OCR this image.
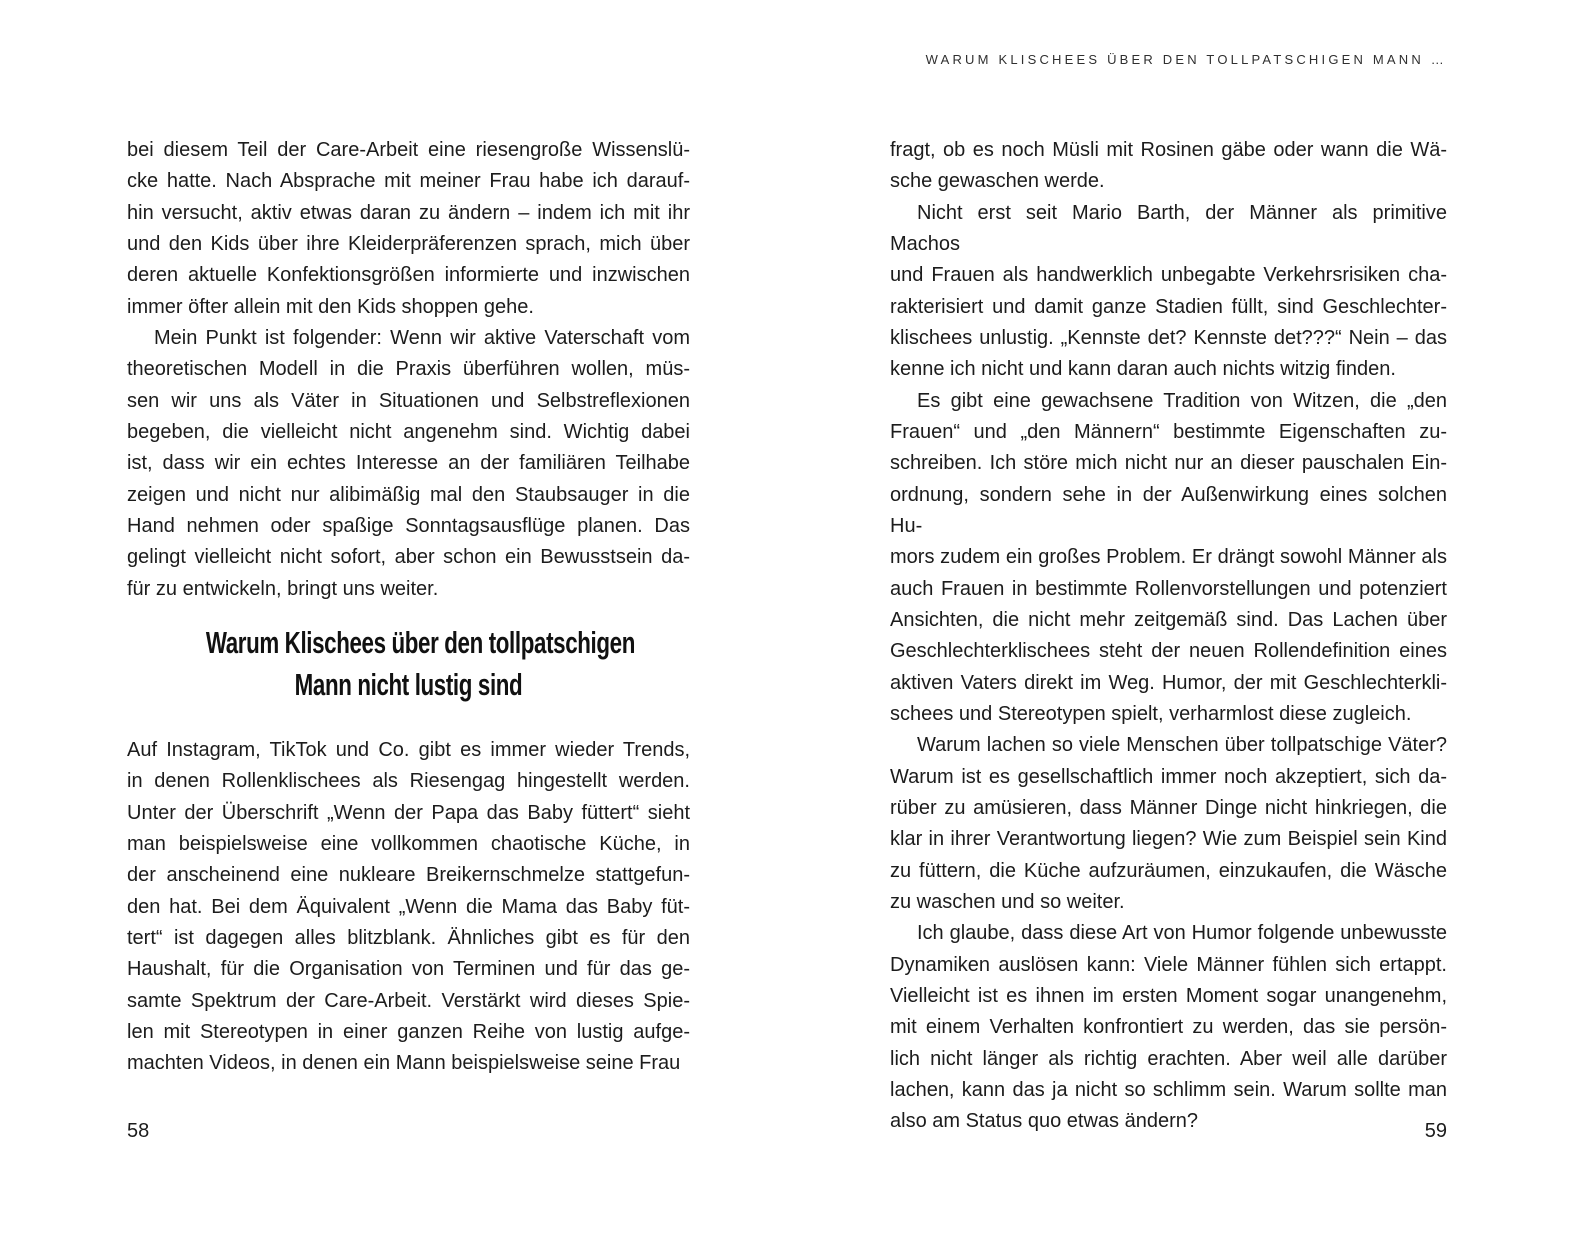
WARUM KLISCHEES ÜBER DEN TOLLPATSCHIGEN MANN …
bei diesem Teil der Care-Arbeit eine riesengroße Wissenslü-
cke hatte. Nach Absprache mit meiner Frau habe ich darauf-
hin versucht, aktiv etwas daran zu ändern – indem ich mit ihr
und den Kids über ihre Kleiderpräferenzen sprach, mich über
deren aktuelle Konfektionsgrößen informierte und inzwischen
immer öfter allein mit den Kids shoppen gehe.
Mein Punkt ist folgender: Wenn wir aktive Vaterschaft vom
theoretischen Modell in die Praxis überführen wollen, müs-
sen wir uns als Väter in Situationen und Selbstreflexionen
begeben, die vielleicht nicht angenehm sind. Wichtig dabei
ist, dass wir ein echtes Interesse an der familiären Teilhabe
zeigen und nicht nur alibimäßig mal den Staubsauger in die
Hand nehmen oder spaßige Sonntagsausflüge planen. Das
gelingt vielleicht nicht sofort, aber schon ein Bewusstsein da-
für zu entwickeln, bringt uns weiter.
Warum Klischees über den tollpatschigen
Mann nicht lustig sind
Auf Instagram, TikTok und Co. gibt es immer wieder Trends,
in denen Rollenklischees als Riesengag hingestellt werden.
Unter der Überschrift „Wenn der Papa das Baby füttert“ sieht
man beispielsweise eine vollkommen chaotische Küche, in
der anscheinend eine nukleare Breikernschmelze stattgefun-
den hat. Bei dem Äquivalent „Wenn die Mama das Baby füt-
tert“ ist dagegen alles blitzblank. Ähnliches gibt es für den
Haushalt, für die Organisation von Terminen und für das ge-
samte Spektrum der Care-Arbeit. Verstärkt wird dieses Spie-
len mit Stereotypen in einer ganzen Reihe von lustig aufge-
machten Videos, in denen ein Mann beispielsweise seine Frau
fragt, ob es noch Müsli mit Rosinen gäbe oder wann die Wä-
sche gewaschen werde.
Nicht erst seit Mario Barth, der Männer als primitive Machos
und Frauen als handwerklich unbegabte Verkehrsrisiken cha-
rakterisiert und damit ganze Stadien füllt, sind Geschlechter-
klischees unlustig. „Kennste det? Kennste det???“ Nein – das
kenne ich nicht und kann daran auch nichts witzig finden.
Es gibt eine gewachsene Tradition von Witzen, die „den
Frauen“ und „den Männern“ bestimmte Eigenschaften zu-
schreiben. Ich störe mich nicht nur an dieser pauschalen Ein-
ordnung, sondern sehe in der Außenwirkung eines solchen Hu-
mors zudem ein großes Problem. Er drängt sowohl Männer als
auch Frauen in bestimmte Rollenvorstellungen und potenziert
Ansichten, die nicht mehr zeitgemäß sind. Das Lachen über
Geschlechterklischees steht der neuen Rollendefinition eines
aktiven Vaters direkt im Weg. Humor, der mit Geschlechterkli-
schees und Stereotypen spielt, verharmlost diese zugleich.
Warum lachen so viele Menschen über tollpatschige Väter?
Warum ist es gesellschaftlich immer noch akzeptiert, sich da-
rüber zu amüsieren, dass Männer Dinge nicht hinkriegen, die
klar in ihrer Verantwortung liegen? Wie zum Beispiel sein Kind
zu füttern, die Küche aufzuräumen, einzukaufen, die Wäsche
zu waschen und so weiter.
Ich glaube, dass diese Art von Humor folgende unbewusste
Dynamiken auslösen kann: Viele Männer fühlen sich ertappt.
Vielleicht ist es ihnen im ersten Moment sogar unangenehm,
mit einem Verhalten konfrontiert zu werden, das sie persön-
lich nicht länger als richtig erachten. Aber weil alle darüber
lachen, kann das ja nicht so schlimm sein. Warum sollte man
also am Status quo etwas ändern?
58	59
